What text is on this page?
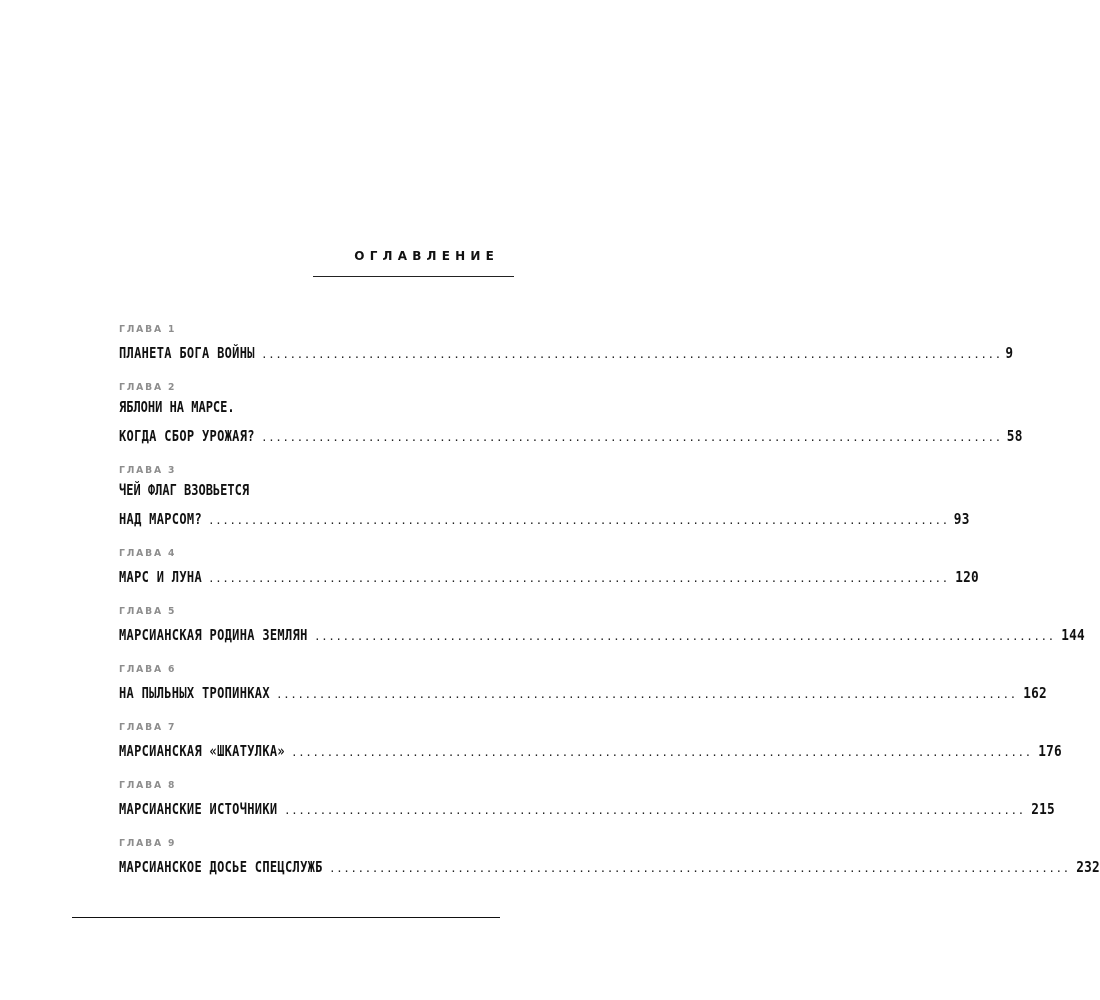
ОГЛАВЛЕНИЕ
ГЛАВА 1
ПЛАНЕТА БОГА ВОЙНЫ ........................................................................................................ 9
ГЛАВА 2
ЯБЛОНИ НА МАРСЕ.
КОГДА СБОР УРОЖАЯ? ........................................................................................................ 58
ГЛАВА 3
ЧЕЙ ФЛАГ ВЗОВЬЕТСЯ
НАД МАРСОМ? ........................................................................................................ 93
ГЛАВА 4
МАРС И ЛУНА ........................................................................................................ 120
ГЛАВА 5
МАРСИАНСКАЯ РОДИНА ЗЕМЛЯН ........................................................................................................ 144
ГЛАВА 6
НА ПЫЛЬНЫХ ТРОПИНКАХ ........................................................................................................ 162
ГЛАВА 7
МАРСИАНСКАЯ «ШКАТУЛКА» ........................................................................................................ 176
ГЛАВА 8
МАРСИАНСКИЕ ИСТОЧНИКИ ........................................................................................................ 215
ГЛАВА 9
МАРСИАНСКОЕ ДОСЬЕ СПЕЦСЛУЖБ ........................................................................................................ 232
